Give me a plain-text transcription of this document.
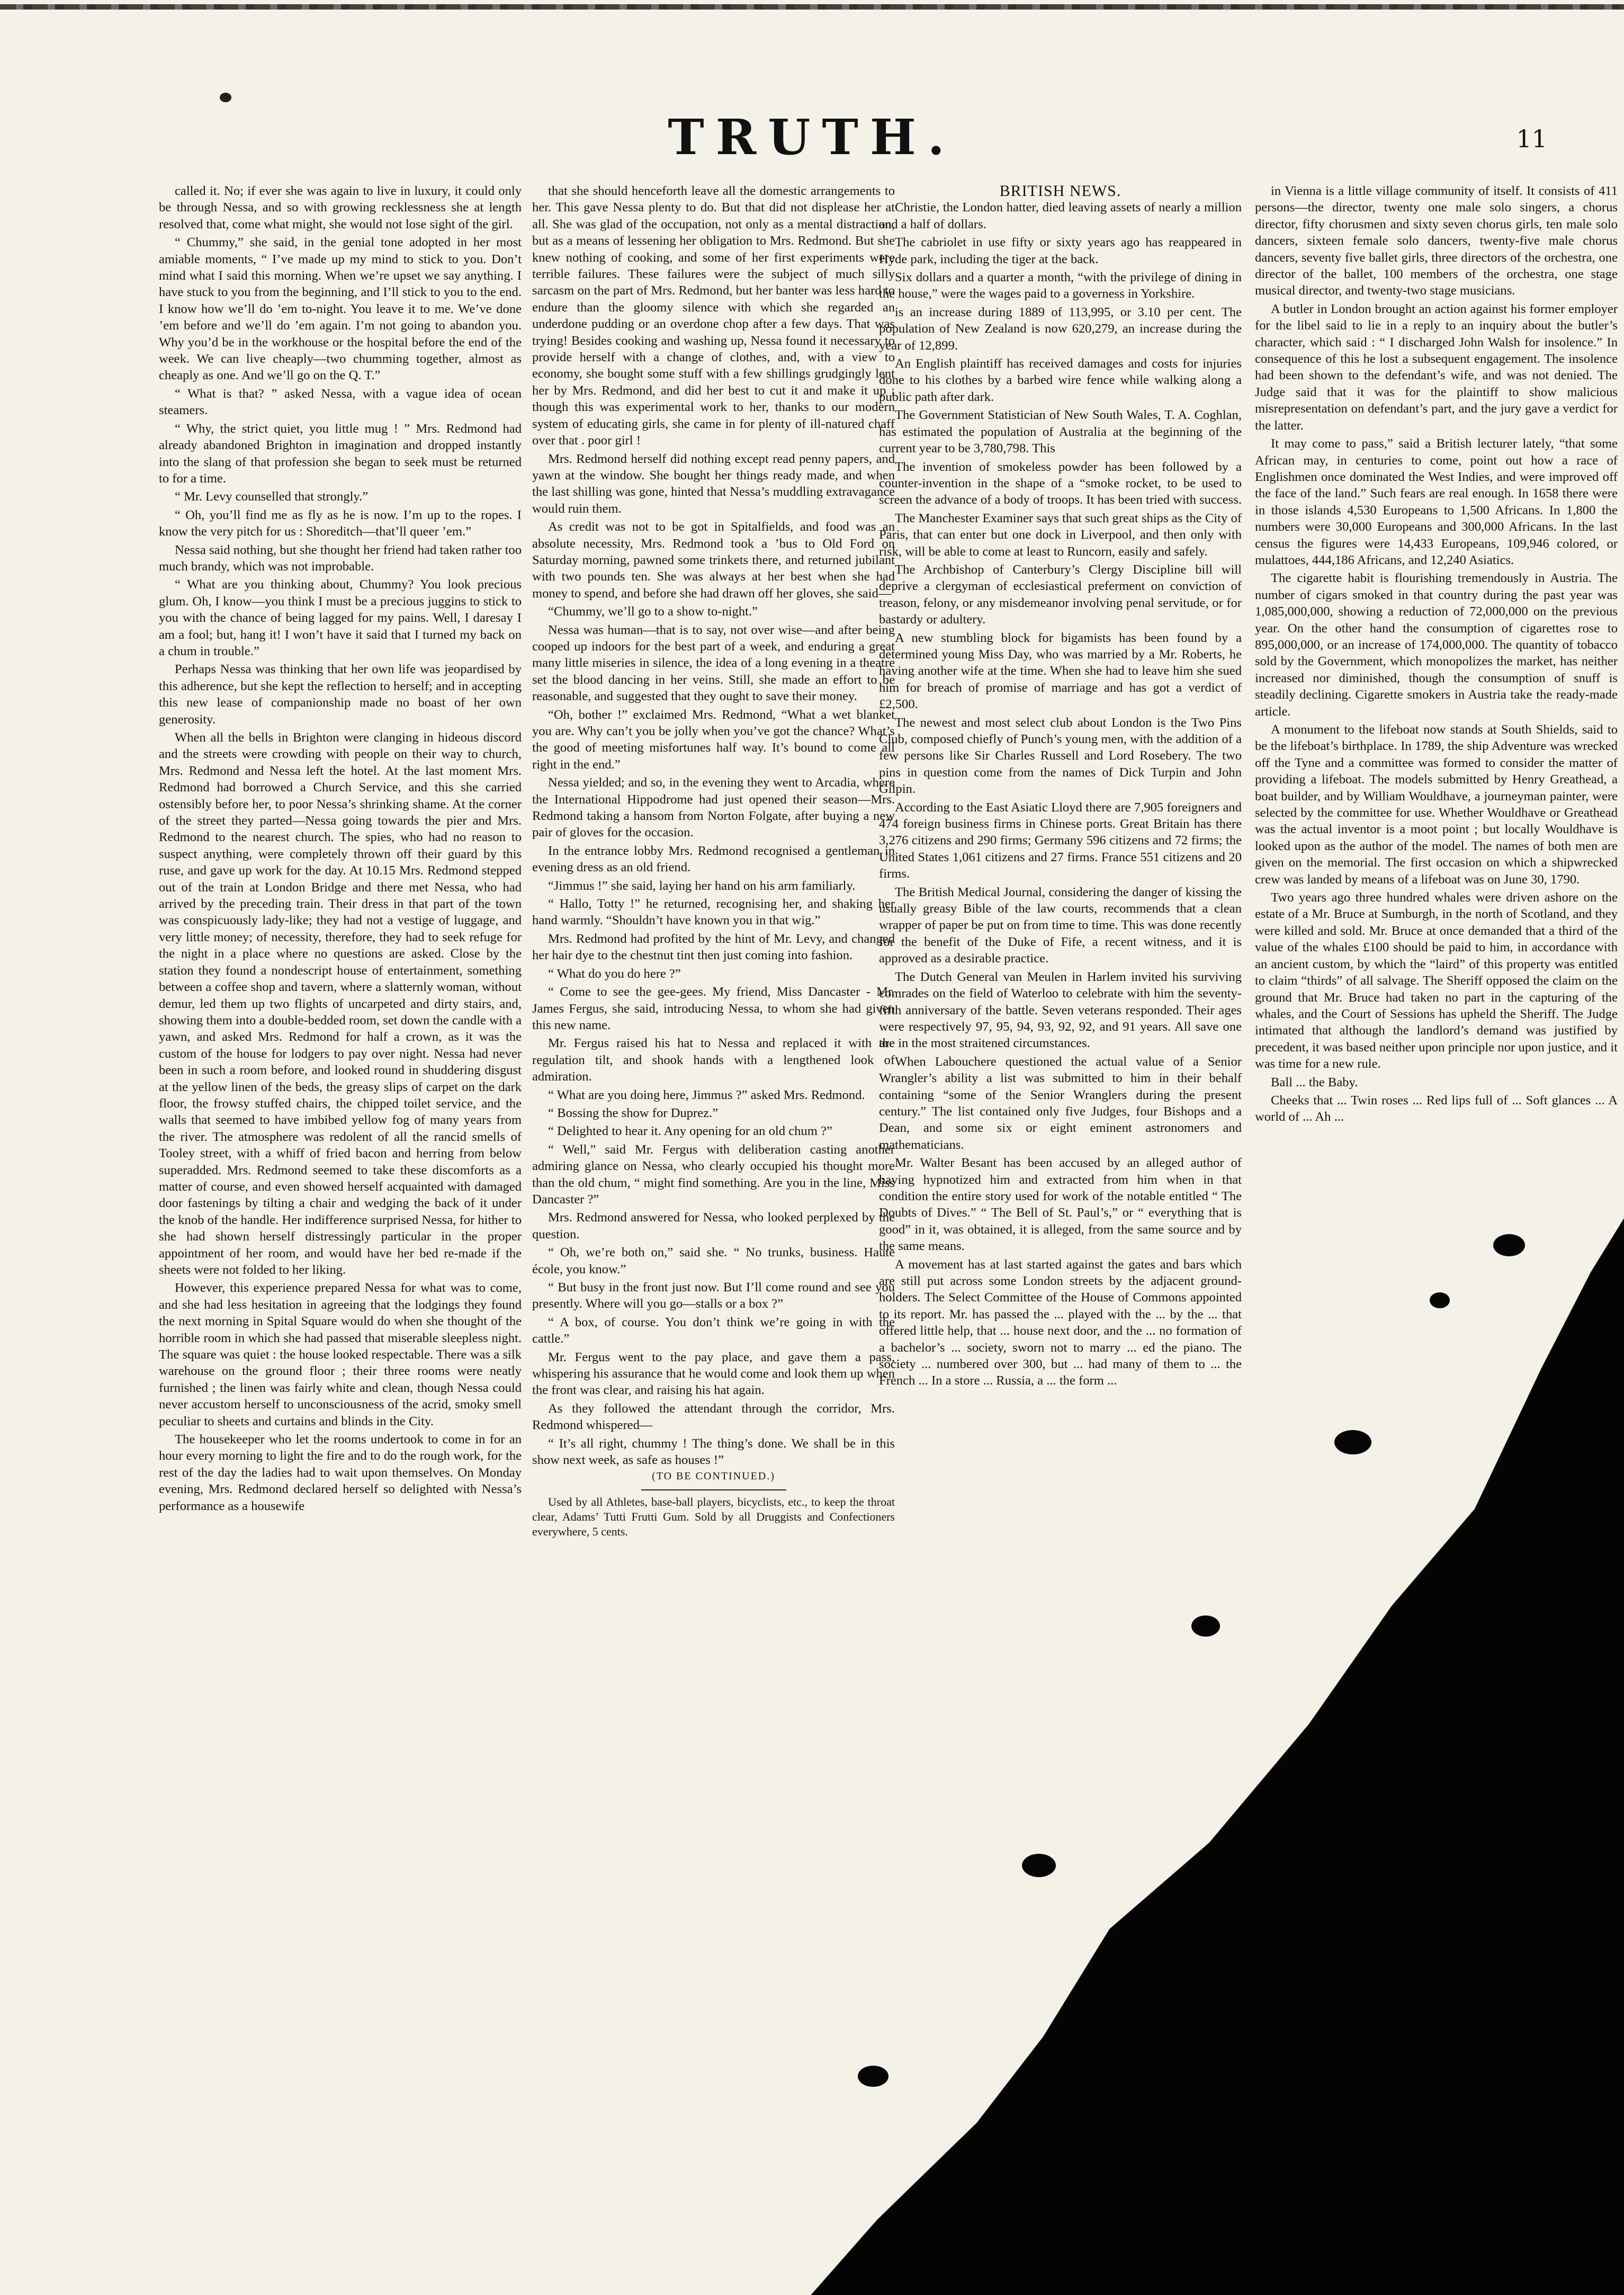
TRUTH.	11

called it. No; if ever she was again to live in luxury, it could only be through Nessa, and so with growing recklessness she at length resolved that, come what might, she would not lose sight of the girl.

“ Chummy,” she said, in the genial tone adopted in her most amiable moments, “ I’ve made up my mind to stick to you. Don’t mind what I said this morning. When we’re upset we say anything. I have stuck to you from the beginning, and I’ll stick to you to the end. I know how we’ll do ’em to-night. You leave it to me. We’ve done ’em before and we’ll do ’em again. I’m not going to abandon you. Why you’d be in the workhouse or the hospital before the end of the week. We can live cheaply—two chumming together, almost as cheaply as one. And we’ll go on the Q. T.”

“ What is that? ” asked Nessa, with a vague idea of ocean steamers.

“ Why, the strict quiet, you little mug ! ” Mrs. Redmond had already abandoned Brighton in imagination and dropped instantly into the slang of that profession she began to seek must be returned to for a time.

“ Mr. Levy counselled that strongly.”

“ Oh, you’ll find me as fly as he is now. I’m up to the ropes. I know the very pitch for us : Shoreditch—that’ll queer ’em.”

Nessa said nothing, but she thought her friend had taken rather too much brandy, which was not improbable.

“ What are you thinking about, Chummy? You look precious glum. Oh, I know—you think I must be a precious juggins to stick to you with the chance of being lagged for my pains. Well, I daresay I am a fool; but, hang it! I won’t have it said that I turned my back on a chum in trouble.”

Perhaps Nessa was thinking that her own life was jeopardised by this adherence, but she kept the reflection to herself; and in accepting this new lease of companionship made no boast of her own generosity.

When all the bells in Brighton were clanging in hideous discord and the streets were crowding with people on their way to church, Mrs. Redmond and Nessa left the hotel. At the last moment Mrs. Redmond had borrowed a Church Service, and this she carried ostensibly before her, to poor Nessa’s shrinking shame. At the corner of the street they parted—Nessa going towards the pier and Mrs. Redmond to the nearest church. The spies, who had no reason to suspect anything, were completely thrown off their guard by this ruse, and gave up work for the day. At 10.15 Mrs. Redmond stepped out of the train at London Bridge and there met Nessa, who had arrived by the preceding train. Their dress in that part of the town was conspicuously lady-like; they had not a vestige of luggage, and very little money; of necessity, therefore, they had to seek refuge for the night in a place where no questions are asked. Close by the station they found a nondescript house of entertainment, something between a coffee shop and tavern, where a slatternly woman, without demur, led them up two flights of uncarpeted and dirty stairs, and, showing them into a double-bedded room, set down the candle with a yawn, and asked Mrs. Redmond for half a crown, as it was the custom of the house for lodgers to pay over night. Nessa had never been in such a room before, and looked round in shuddering disgust at the yellow linen of the beds, the greasy slips of carpet on the dark floor, the frowsy stuffed chairs, the chipped toilet service, and the walls that seemed to have imbibed yellow fog of many years from the river. The atmosphere was redolent of all the rancid smells of Tooley street, with a whiff of fried bacon and herring from below superadded. Mrs. Redmond seemed to take these discomforts as a matter of course, and even showed herself acquainted with damaged door fastenings by tilting a chair and wedging the back of it under the knob of the handle. Her indifference surprised Nessa, for hither to she had shown herself distressingly particular in the proper appointment of her room, and would have her bed re-made if the sheets were not folded to her liking.

However, this experience prepared Nessa for what was to come, and she had less hesitation in agreeing that the lodgings they found the next morning in Spital Square would do when she thought of the horrible room in which she had passed that miserable sleepless night. The square was quiet : the house looked respectable. There was a silk warehouse on the ground floor ; their three rooms were neatly furnished ; the linen was fairly white and clean, though Nessa could never accustom herself to unconsciousness of the acrid, smoky smell peculiar to sheets and curtains and blinds in the City.

The housekeeper who let the rooms undertook to come in for an hour every morning to light the fire and to do the rough work, for the rest of the day the ladies had to wait upon themselves. On Monday evening, Mrs. Redmond declared herself so delighted with Nessa’s performance as a housewife

that she should henceforth leave all the domestic arrangements to her. This gave Nessa plenty to do. But that did not displease her at all. She was glad of the occupation, not only as a mental distraction, but as a means of lessening her obligation to Mrs. Redmond. But she knew nothing of cooking, and some of her first experiments were terrible failures. These failures were the subject of much silly sarcasm on the part of Mrs. Redmond, but her banter was less hard to endure than the gloomy silence with which she regarded an underdone pudding or an overdone chop after a few days. That was trying! Besides cooking and washing up, Nessa found it necessary to provide herself with a change of clothes, and, with a view to economy, she bought some stuff with a few shillings grudgingly lent her by Mrs. Redmond, and did her best to cut it and make it up ; though this was experimental work to her, thanks to our modern system of educating girls, she came in for plenty of ill-natured chaff over that . poor girl !

Mrs. Redmond herself did nothing except read penny papers, and yawn at the window. She bought her things ready made, and when the last shilling was gone, hinted that Nessa’s muddling extravagance would ruin them.

As credit was not to be got in Spitalfields, and food was an absolute necessity, Mrs. Redmond took a ’bus to Old Ford on Saturday morning, pawned some trinkets there, and returned jubilant with two pounds ten. She was always at her best when she had money to spend, and before she had drawn off her gloves, she said—

“Chummy, we’ll go to a show to-night.”

Nessa was human—that is to say, not over wise—and after being cooped up indoors for the best part of a week, and enduring a great many little miseries in silence, the idea of a long evening in a theatre set the blood dancing in her veins. Still, she made an effort to be reasonable, and suggested that they ought to save their money.

“Oh, bother !” exclaimed Mrs. Redmond, “What a wet blanket you are. Why can’t you be jolly when you’ve got the chance? What’s the good of meeting misfortunes half way. It’s bound to come all right in the end.”

Nessa yielded; and so, in the evening they went to Arcadia, where the International Hippodrome had just opened their season—Mrs. Redmond taking a hansom from Norton Folgate, after buying a new pair of gloves for the occasion.

In the entrance lobby Mrs. Redmond recognised a gentleman in evening dress as an old friend.

“Jimmus !” she said, laying her hand on his arm familiarly.

“ Hallo, Totty !” he returned, recognising her, and shaking her hand warmly. “Shouldn’t have known you in that wig.”

Mrs. Redmond had profited by the hint of Mr. Levy, and changed her hair dye to the chestnut tint then just coming into fashion.

“ What do you do here ?”

“ Come to see the gee-gees. My friend, Miss Dancaster - Mr. James Fergus, she said, introducing Nessa, to whom she had given this new name.

Mr. Fergus raised his hat to Nessa and replaced it with the regulation tilt, and shook hands with a lengthened look of admiration.

“ What are you doing here, Jimmus ?” asked Mrs. Redmond.

“ Bossing the show for Duprez.”

“ Delighted to hear it. Any opening for an old chum ?”

“ Well,” said Mr. Fergus with deliberation casting another admiring glance on Nessa, who clearly occupied his thought more than the old chum, “ might find something. Are you in the line, Miss Dancaster ?”

Mrs. Redmond answered for Nessa, who looked perplexed by the question.

“ Oh, we’re both on,” said she. “ No trunks, business. Haute école, you know.”

“ But busy in the front just now. But I’ll come round and see you presently. Where will you go—stalls or a box ?”

“ A box, of course. You don’t think we’re going in with the cattle.”

Mr. Fergus went to the pay place, and gave them a pass, whispering his assurance that he would come and look them up when the front was clear, and raising his hat again.

As they followed the attendant through the corridor, Mrs. Redmond whispered—

“ It’s all right, chummy ! The thing’s done. We shall be in this show next week, as safe as houses !”

(TO BE CONTINUED.)

Used by all Athletes, base-ball players, bicyclists, etc., to keep the throat clear, Adams’ Tutti Frutti Gum. Sold by all Druggists and Confectioners everywhere, 5 cents.

BRITISH NEWS.

Christie, the London hatter, died leaving assets of nearly a million and a half of dollars.

The cabriolet in use fifty or sixty years ago has reappeared in Hyde park, including the tiger at the back.

Six dollars and a quarter a month, “with the privilege of dining in the house,” were the wages paid to a governess in Yorkshire.

is an increase during 1889 of 113,995, or 3.10 per cent. The population of New Zealand is now 620,279, an increase during the year of 12,899.

An English plaintiff has received damages and costs for injuries done to his clothes by a barbed wire fence while walking along a public path after dark.

The Government Statistician of New South Wales, T. A. Coghlan, has estimated the population of Australia at the beginning of the current year to be 3,780,798. This

The invention of smokeless powder has been followed by a counter-invention in the shape of a “smoke rocket, to be used to screen the advance of a body of troops. It has been tried with success.

The Manchester Examiner says that such great ships as the City of Paris, that can enter but one dock in Liverpool, and then only with risk, will be able to come at least to Runcorn, easily and safely.

The Archbishop of Canterbury’s Clergy Discipline bill will deprive a clergyman of ecclesiastical preferment on conviction of treason, felony, or any misdemeanor involving penal servitude, or for bastardy or adultery.

A new stumbling block for bigamists has been found by a determined young Miss Day, who was married by a Mr. Roberts, he having another wife at the time. When she had to leave him she sued him for breach of promise of marriage and has got a verdict of £2,500.

The newest and most select club about London is the Two Pins Club, composed chiefly of Punch’s young men, with the addition of a few persons like Sir Charles Russell and Lord Rosebery. The two pins in question come from the names of Dick Turpin and John Gilpin.

According to the East Asiatic Lloyd there are 7,905 foreigners and 474 foreign business firms in Chinese ports. Great Britain has there 3,276 citizens and 290 firms; Germany 596 citizens and 72 firms; the United States 1,061 citizens and 27 firms. France 551 citizens and 20 firms.

The British Medical Journal, considering the danger of kissing the usually greasy Bible of the law courts, recommends that a clean wrapper of paper be put on from time to time. This was done recently for the benefit of the Duke of Fife, a recent witness, and it is approved as a desirable practice.

The Dutch General van Meulen in Harlem invited his surviving comrades on the field of Waterloo to celebrate with him the seventy-fifth anniversary of the battle. Seven veterans responded. Their ages were respectively 97, 95, 94, 93, 92, 92, and 91 years. All save one are in the most straitened circumstances.

When Labouchere questioned the actual value of a Senior Wrangler’s ability a list was submitted to him in their behalf containing “some of the Senior Wranglers during the present century.” The list contained only five Judges, four Bishops and a Dean, and some six or eight eminent astronomers and mathematicians.

Mr. Walter Besant has been accused by an alleged author of having hypnotized him and extracted from him when in that condition the entire story used for work of the notable entitled “ The Doubts of Dives.” “ The Bell of St. Paul’s,” or “ everything that is good” in it, was obtained, it is alleged, from the same source and by the same means.

A movement has at last started against the gates and bars which are still put across some London streets by the adjacent ground-holders. The Select Committee of the House of Commons appointed to its report. Mr. has passed the ... played with the ... by the ... that offered little help, that ... house next door, and the ... no formation of a bachelor’s ... society, sworn not to marry ... ed the piano. The society ... numbered over 300, but ... had many of them to ... the French ... In a store ... Russia, a ... the form ...

in Vienna is a little village community of itself. It consists of 411 persons—the director, twenty one male solo singers, a chorus director, fifty chorusmen and sixty seven chorus girls, ten male solo dancers, sixteen female solo dancers, twenty-five male chorus dancers, seventy five ballet girls, three directors of the orchestra, one director of the ballet, 100 members of the orchestra, one stage musical director, and twenty-two stage musicians.

A butler in London brought an action against his former employer for the libel said to lie in a reply to an inquiry about the butler’s character, which said : “ I discharged John Walsh for insolence.” In consequence of this he lost a subsequent engagement. The insolence had been shown to the defendant’s wife, and was not denied. The Judge said that it was for the plaintiff to show malicious misrepresentation on defendant’s part, and the jury gave a verdict for the latter.

It may come to pass,” said a British lecturer lately, “that some African may, in centuries to come, point out how a race of Englishmen once dominated the West Indies, and were improved off the face of the land.” Such fears are real enough. In 1658 there were in those islands 4,530 Europeans to 1,500 Africans. In 1,800 the numbers were 30,000 Europeans and 300,000 Africans. In the last census the figures were 14,433 Europeans, 109,946 colored, or mulattoes, 444,186 Africans, and 12,240 Asiatics.

The cigarette habit is flourishing tremendously in Austria. The number of cigars smoked in that country during the past year was 1,085,000,000, showing a reduction of 72,000,000 on the previous year. On the other hand the consumption of cigarettes rose to 895,000,000, or an increase of 174,000,000. The quantity of tobacco sold by the Government, which monopolizes the market, has neither increased nor diminished, though the consumption of snuff is steadily declining. Cigarette smokers in Austria take the ready-made article.

A monument to the lifeboat now stands at South Shields, said to be the lifeboat’s birthplace. In 1789, the ship Adventure was wrecked off the Tyne and a committee was formed to consider the matter of providing a lifeboat. The models submitted by Henry Greathead, a boat builder, and by William Wouldhave, a journeyman painter, were selected by the committee for use. Whether Wouldhave or Greathead was the actual inventor is a moot point ; but locally Wouldhave is looked upon as the author of the model. The names of both men are given on the memorial. The first occasion on which a shipwrecked crew was landed by means of a lifeboat was on June 30, 1790.

Two years ago three hundred whales were driven ashore on the estate of a Mr. Bruce at Sumburgh, in the north of Scotland, and they were killed and sold. Mr. Bruce at once demanded that a third of the value of the whales £100 should be paid to him, in accordance with an ancient custom, by which the “laird” of this property was entitled to claim “thirds” of all salvage. The Sheriff opposed the claim on the ground that Mr. Bruce had taken no part in the capturing of the whales, and the Court of Sessions has upheld the Sheriff. The Judge intimated that although the landlord’s demand was justified by precedent, it was based neither upon principle nor upon justice, and it was time for a new rule.

Ball ... the Baby.

Cheeks that ... Twin roses ... Red lips full of ... Soft glances ... A world of ... Ah ...
